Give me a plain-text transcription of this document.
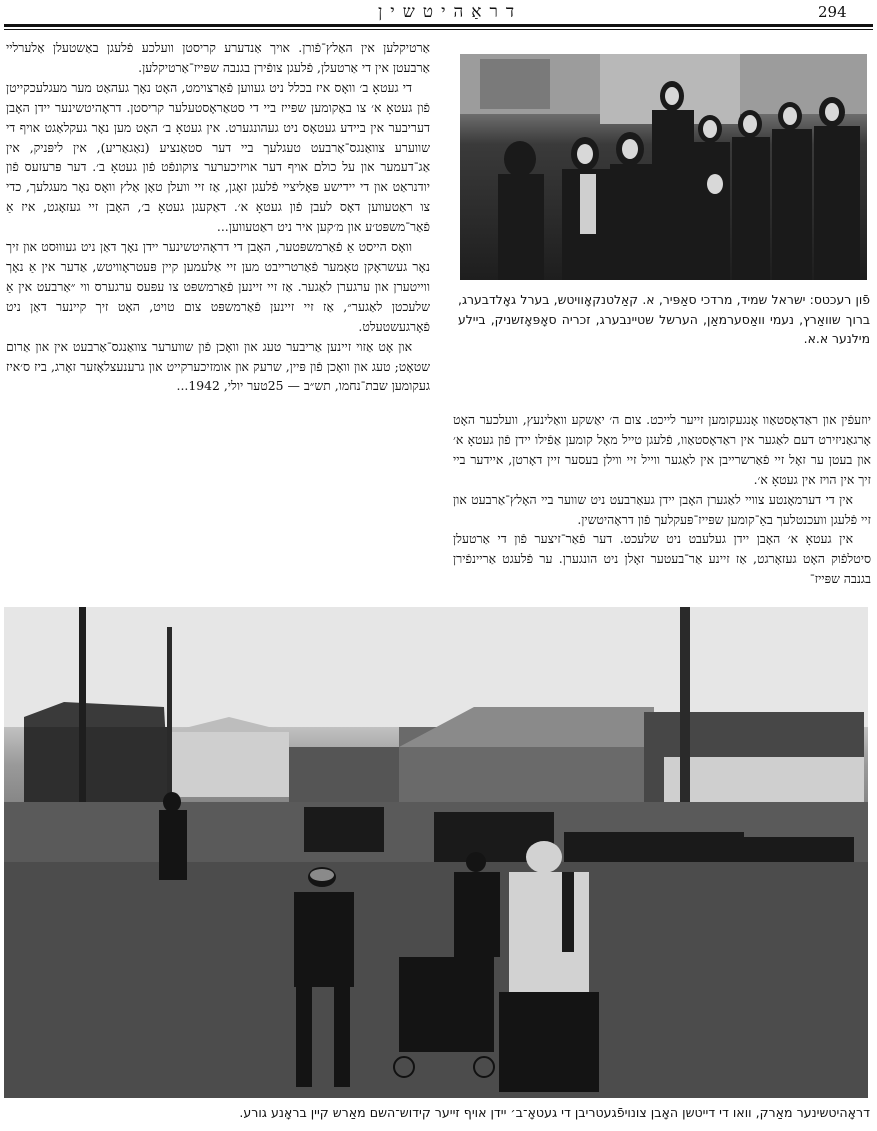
294
דראַהיטשין

אַרטיקלען אין האַלץ־פֿורן. אויך אַנדערע קריסטן וועלכע פֿלעגן באַשטעלן אַלערליי אַרבעטן אין די אַרטעלן, פֿלעגן צופֿירן בגנבה שפּייז־אַרטיקלען.

די געטאָ ב׳ וואָס איז בכלל ניט געווען פֿאַרצוימט, האָט נאָך געהאַט מער מעגלעכקייטן פֿון געטאָ א׳ צו באַקומען שפּייז ביי די סטאַראָסטעלער קריסטן. דראָהיטשינער יידן האָבן דעריבער אין ביידע געטאָס ניט געהונגערט. אין געטאָ ב׳ האָט מען נאָר געקלאַגט אויף די שווערע צוואַנגס־אַרבעט טעגלעך ביי דער סטאַנציע (נאַגאַריע), אין ליפּניק, אין אַג־דעמער און על כולם אויף דער אויזיכערער צוקונפֿט פֿון געטאָ ב׳. דער פּרעזעס פֿון יודנראַט און די יידישע פּאָליציי פֿלעגן זאָגן, אַז זיי וועלן טאָן אַלץ וואָס נאָר מעגלעך, כדי צו ראַטעווען דאָס לעבן פֿון געטאָ א׳. דאַקעגן געטאָ ב׳, האָבן זיי געזאָגט, איז אַ פֿאַר־משפּט׳ע און מ׳קען איר ניט ראַטעווען...

וואָס הייסט אַ פֿאַרמשפּטער, האָבן די דראָהיטשינער יידן נאָך דאַן ניט געוווּסט און זיך נאָר געשראָקן טאָמער פֿאַרטרייבט מען זיי אַלעמען קיין פּעטראָוויטש, אַדער אין אַ נאָך ווייטערן און ערגערן לאַגער. אַז זיי זיינען פֿאַרמשפּט צו עפּעס ערגערס ווי ״אַרבעט אין אַ שלעכטן לאַגער״, אַז זיי זיינען פֿאַרמשפּט צום טויט, האָט זיך קיינער דאַן ניט פֿאָרגעשטעלט.

און אָט אַזוי זיינען אַריבער טעג און וואָכן פֿון שווערער צוואַנגס־אַרבעט אין און אַרום שטאָט; טעג און וואָכן פֿון פּיין, שרעק און אומזיכערקייט און גרענעצלאָזער זאָרג, ביז ס׳איז געקומען שבת־נחמו, תש״ב — 25טער יולי, 1942...

פֿון רעכטס: ישראל שמיד, מרדכי סאַפּיר, א. קאַלטנקאָוויטש, בערל גאָלדבערג, ברוך שוואַרץ, נעמי וואַסערמאַן, הערשל שטיינבערג, זכריה סאָפּאָזשניק, ביילע מילנער א.א.

יוזעפֿין און ראַדאָסטאַוו אָנגעקומען זייער לייכט. צום ה׳ יאַשקע וואַלינעץ, וועלכער האָט אָרגאַניזירט דעם לאַגער אין ראַדאָסטאַוו, פֿלעגן טייל מאָל קומען אַפֿילו יידן פֿון געטאָ א׳ און בעטן ער זאָל זיי פֿאַרשרייבן אין לאַגער ווייל זיי ווילן בעסער זיין דאָרטן, איידער ביי זיך אין הויז אין געטאָ א׳.

אין די דערמאָנטע צוויי לאַגערן האָבן יידן געאַרבעט ניט שווער ביי האָלץ־אַרבעט און זיי פֿלעגן וועכנטלעך באַ־קומען שפּייז־פּעקלעך פֿון דראָהיטשין.

אין געטאָ א׳ האָבן יידן געלעבט ניט שלעכט. דער פֿאַר־זיצער פֿון די אַרטעלן סיטלפֿוק האָט געזאָרגט, אַז זיינע אַר־בעטער זאָלן ניט הונגערן. ער פֿלעגט אַריינפֿירן בגנבה שפּייז־

דראָהיטשינער מאַרק, וואו די דייטשן האָבן צונויפֿגעטריבן די געטאָ־ב׳ יידן אויף זייער קידוש־השם מאַרש קיין בראָנע גורע.
